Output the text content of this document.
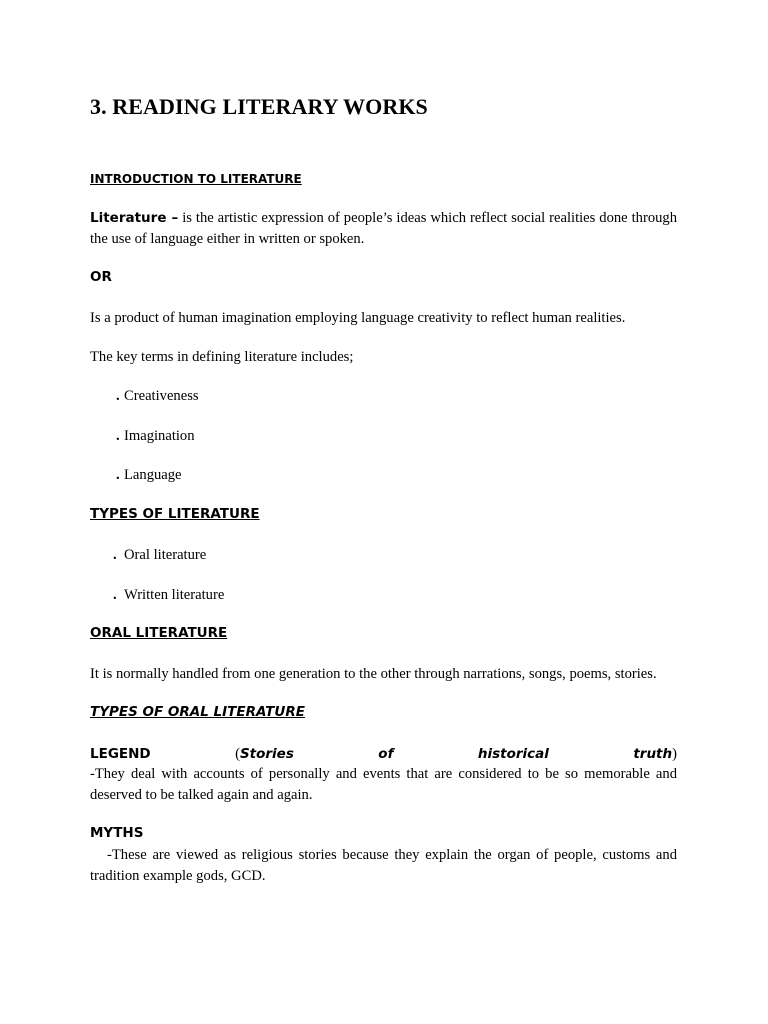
3. READING LITERARY WORKS
INTRODUCTION TO LITERATURE

Literature – is the artistic expression of people’s ideas which reflect social realities done through the use of language either in written or spoken.

OR

Is a product of human imagination employing language creativity to reflect human realities.

The key terms in defining literature includes;

. Creativeness
. Imagination
. Language
TYPES OF LITERATURE
. Oral literature
. Written literature
ORAL LITERATURE

It is normally handled from one generation to the other through narrations, songs, poems, stories.

TYPES OF ORAL LITERATURE
LEGEND	(Stories	of	historical	truth)

-They deal with accounts of personally and events that are considered to be so memorable and deserved to be talked again and again.

MYTHS

-These are viewed as religious stories because they explain the organ of people, customs and tradition example gods, GCD.
